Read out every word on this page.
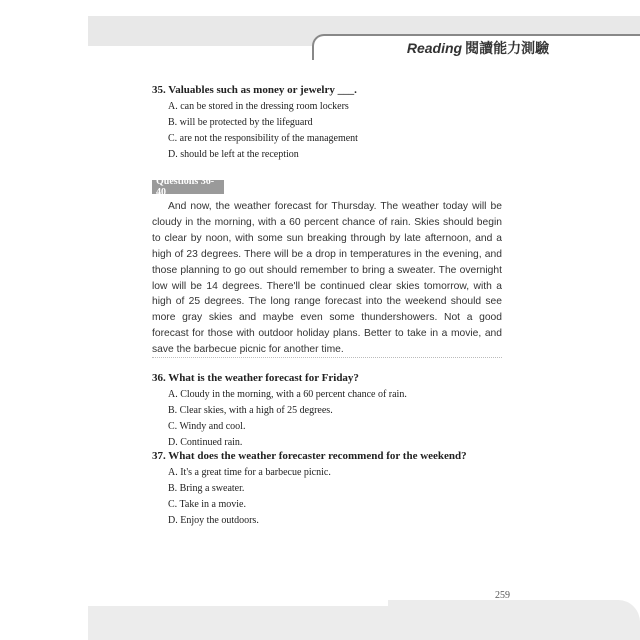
Reading 閱讀能力測驗
35. Valuables such as money or jewelry ___.
A. can be stored in the dressing room lockers
B. will be protected by the lifeguard
C. are not the responsibility of the management
D. should be left at the reception
Questions 36-40

And now, the weather forecast for Thursday. The weather today will be cloudy in the morning, with a 60 percent chance of rain. Skies should begin to clear by noon, with some sun breaking through by late afternoon, and a high of 23 degrees. There will be a drop in temperatures in the evening, and those planning to go out should remember to bring a sweater. The overnight low will be 14 degrees. There'll be continued clear skies tomorrow, with a high of 25 degrees. The long range forecast into the weekend should see more gray skies and maybe even some thundershowers. Not a good forecast for those with outdoor holiday plans. Better to take in a movie, and save the barbecue picnic for another time.

36. What is the weather forecast for Friday?
A. Cloudy in the morning, with a 60 percent chance of rain.
B. Clear skies, with a high of 25 degrees.
C. Windy and cool.
D. Continued rain.
37. What does the weather forecaster recommend for the weekend?
A. It's a great time for a barbecue picnic.
B. Bring a sweater.
C. Take in a movie.
D. Enjoy the outdoors.
259
